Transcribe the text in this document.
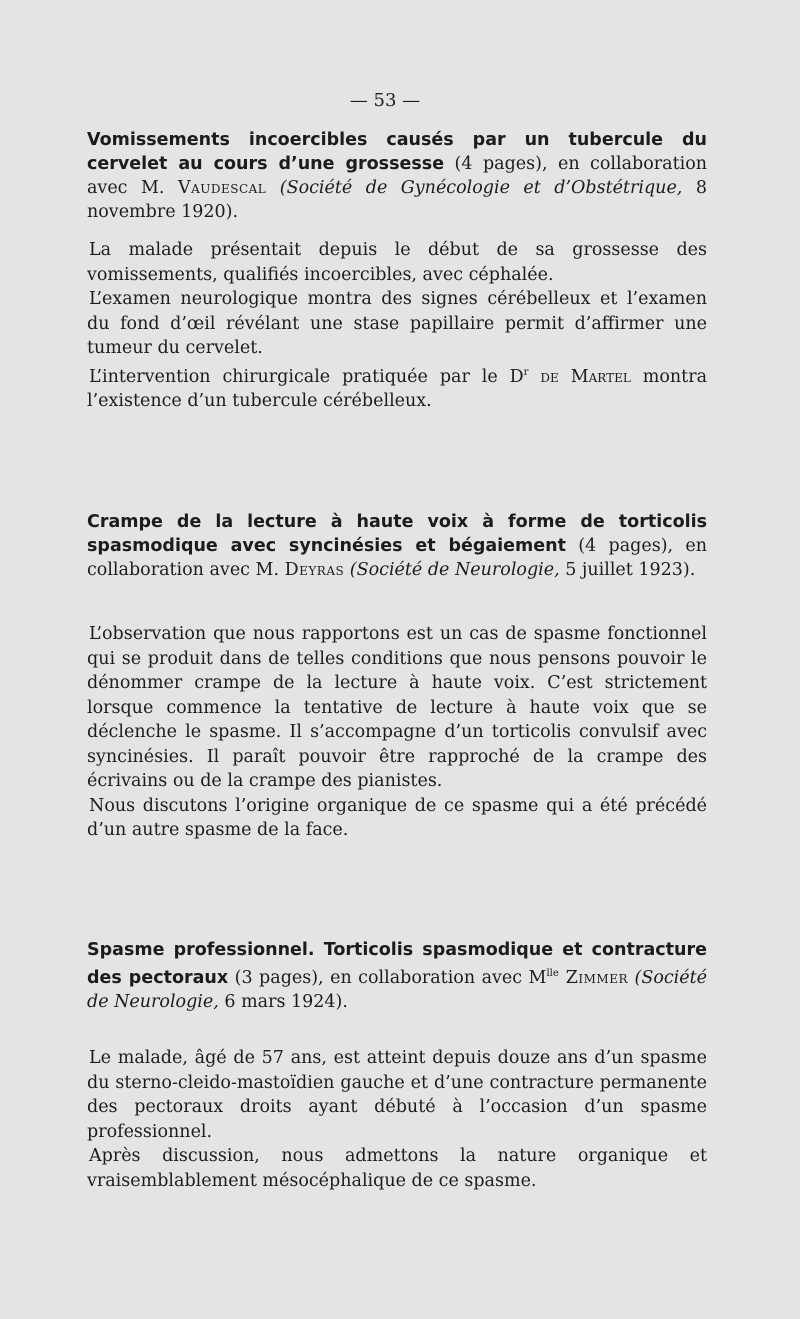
— 53 —

Vomissements incoercibles causés par un tubercule du cervelet au cours d’une grossesse (4 pages), en collaboration avec M. Vaudescal (Société de Gynécologie et d’Obstétrique, 8 novembre 1920).

La malade présentait depuis le début de sa grossesse des vomissements, qualifiés incoercibles, avec céphalée.

L’examen neurologique montra des signes cérébelleux et l’examen du fond d’œil révélant une stase papillaire permit d’affirmer une tumeur du cervelet.

L’intervention chirurgicale pratiquée par le $D^r$ de Martel montra l’existence d’un tubercule cérébelleux.

Crampe de la lecture à haute voix à forme de torticolis spasmodique avec syncinésies et bégaiement (4 pages), en collaboration avec M. Deyras (Société de Neurologie, 5 juillet 1923).

L’observation que nous rapportons est un cas de spasme fonctionnel qui se produit dans de telles conditions que nous pensons pouvoir le dénommer crampe de la lecture à haute voix. C’est strictement lorsque commence la tentative de lecture à haute voix que se déclenche le spasme. Il s’accompagne d’un torticolis convulsif avec syncinésies. Il paraît pouvoir être rapproché de la crampe des écrivains ou de la crampe des pianistes.

Nous discutons l’origine organique de ce spasme qui a été précédé d’un autre spasme de la face.

Spasme professionnel. Torticolis spasmodique et contracture des pectoraux (3 pages), en collaboration avec $M^{lle}$ Zimmer (Société de Neurologie, 6 mars 1924).

Le malade, âgé de 57 ans, est atteint depuis douze ans d’un spasme du sterno-cleido-mastoïdien gauche et d’une contracture permanente des pectoraux droits ayant débuté à l’occasion d’un spasme professionnel.

Après discussion, nous admettons la nature organique et vraisemblablement mésocéphalique de ce spasme.
